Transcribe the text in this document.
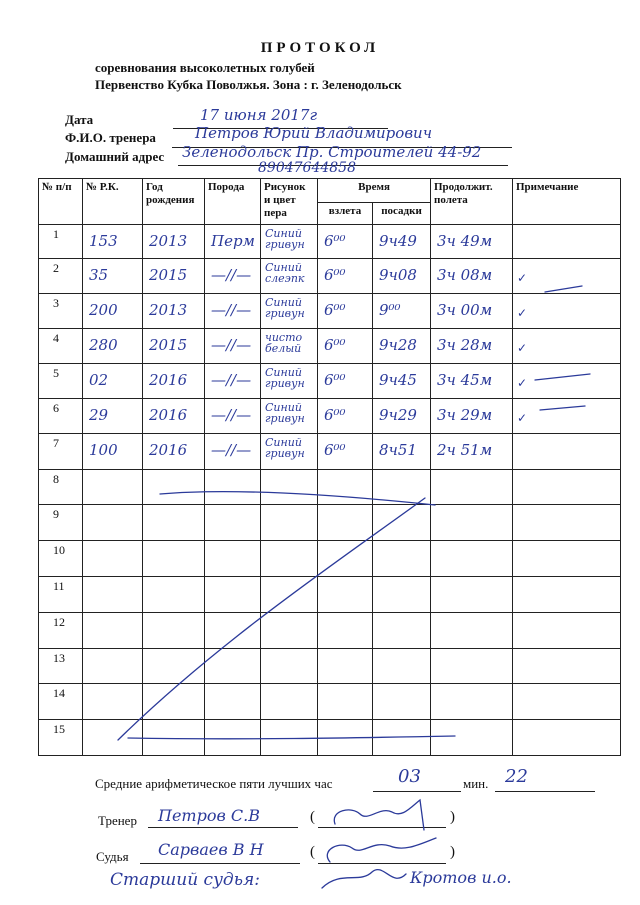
ПРОТОКОЛ
соревнования высоколетных голубей
Первенство Кубка Поволжья. Зона : г. Зеленодольск
Дата	17 июня 2017г
Ф.И.О. тренера	Петров Юрий Владимирович
Домашний адрес Зеленодольск Пр. Строителей 44-92
89047644858
№ п/п	№ Р.К.	Год рождения	Порода	Рисунок и цвет пера	Время		Продолжит. полета	Примечание
					взлета	посадки		
1	153	2013	Перм	Синий гривун	6⁰⁰	9ч49	3ч 49м	

2	35	2015	—//—	Синий слеэпк	6⁰⁰	9ч08	3ч 08м	✓

3	200	2013	—//—	Синий гривун	6⁰⁰	9⁰⁰	3ч 00м	✓

4	280	2015	—//—	чисто белый	6⁰⁰	9ч28	3ч 28м	✓

5	02	2016	—//—	Синий гривун	6⁰⁰	9ч45	3ч 45м	✓

6	29	2016	—//—	Синий гривун	6⁰⁰	9ч29	3ч 29м	✓

7	100	2016	—//—	Синий гривун	6⁰⁰	8ч51	2ч 51м	

8	

9	

10	

11	

12	

13	

14	

15	

Средние арифметическое пяти лучших час	03	мин. 22
Тренер Петров С.В	(	)
Судья Сарваев В Н	(	)
Старший судья:	Кротов и.о.
